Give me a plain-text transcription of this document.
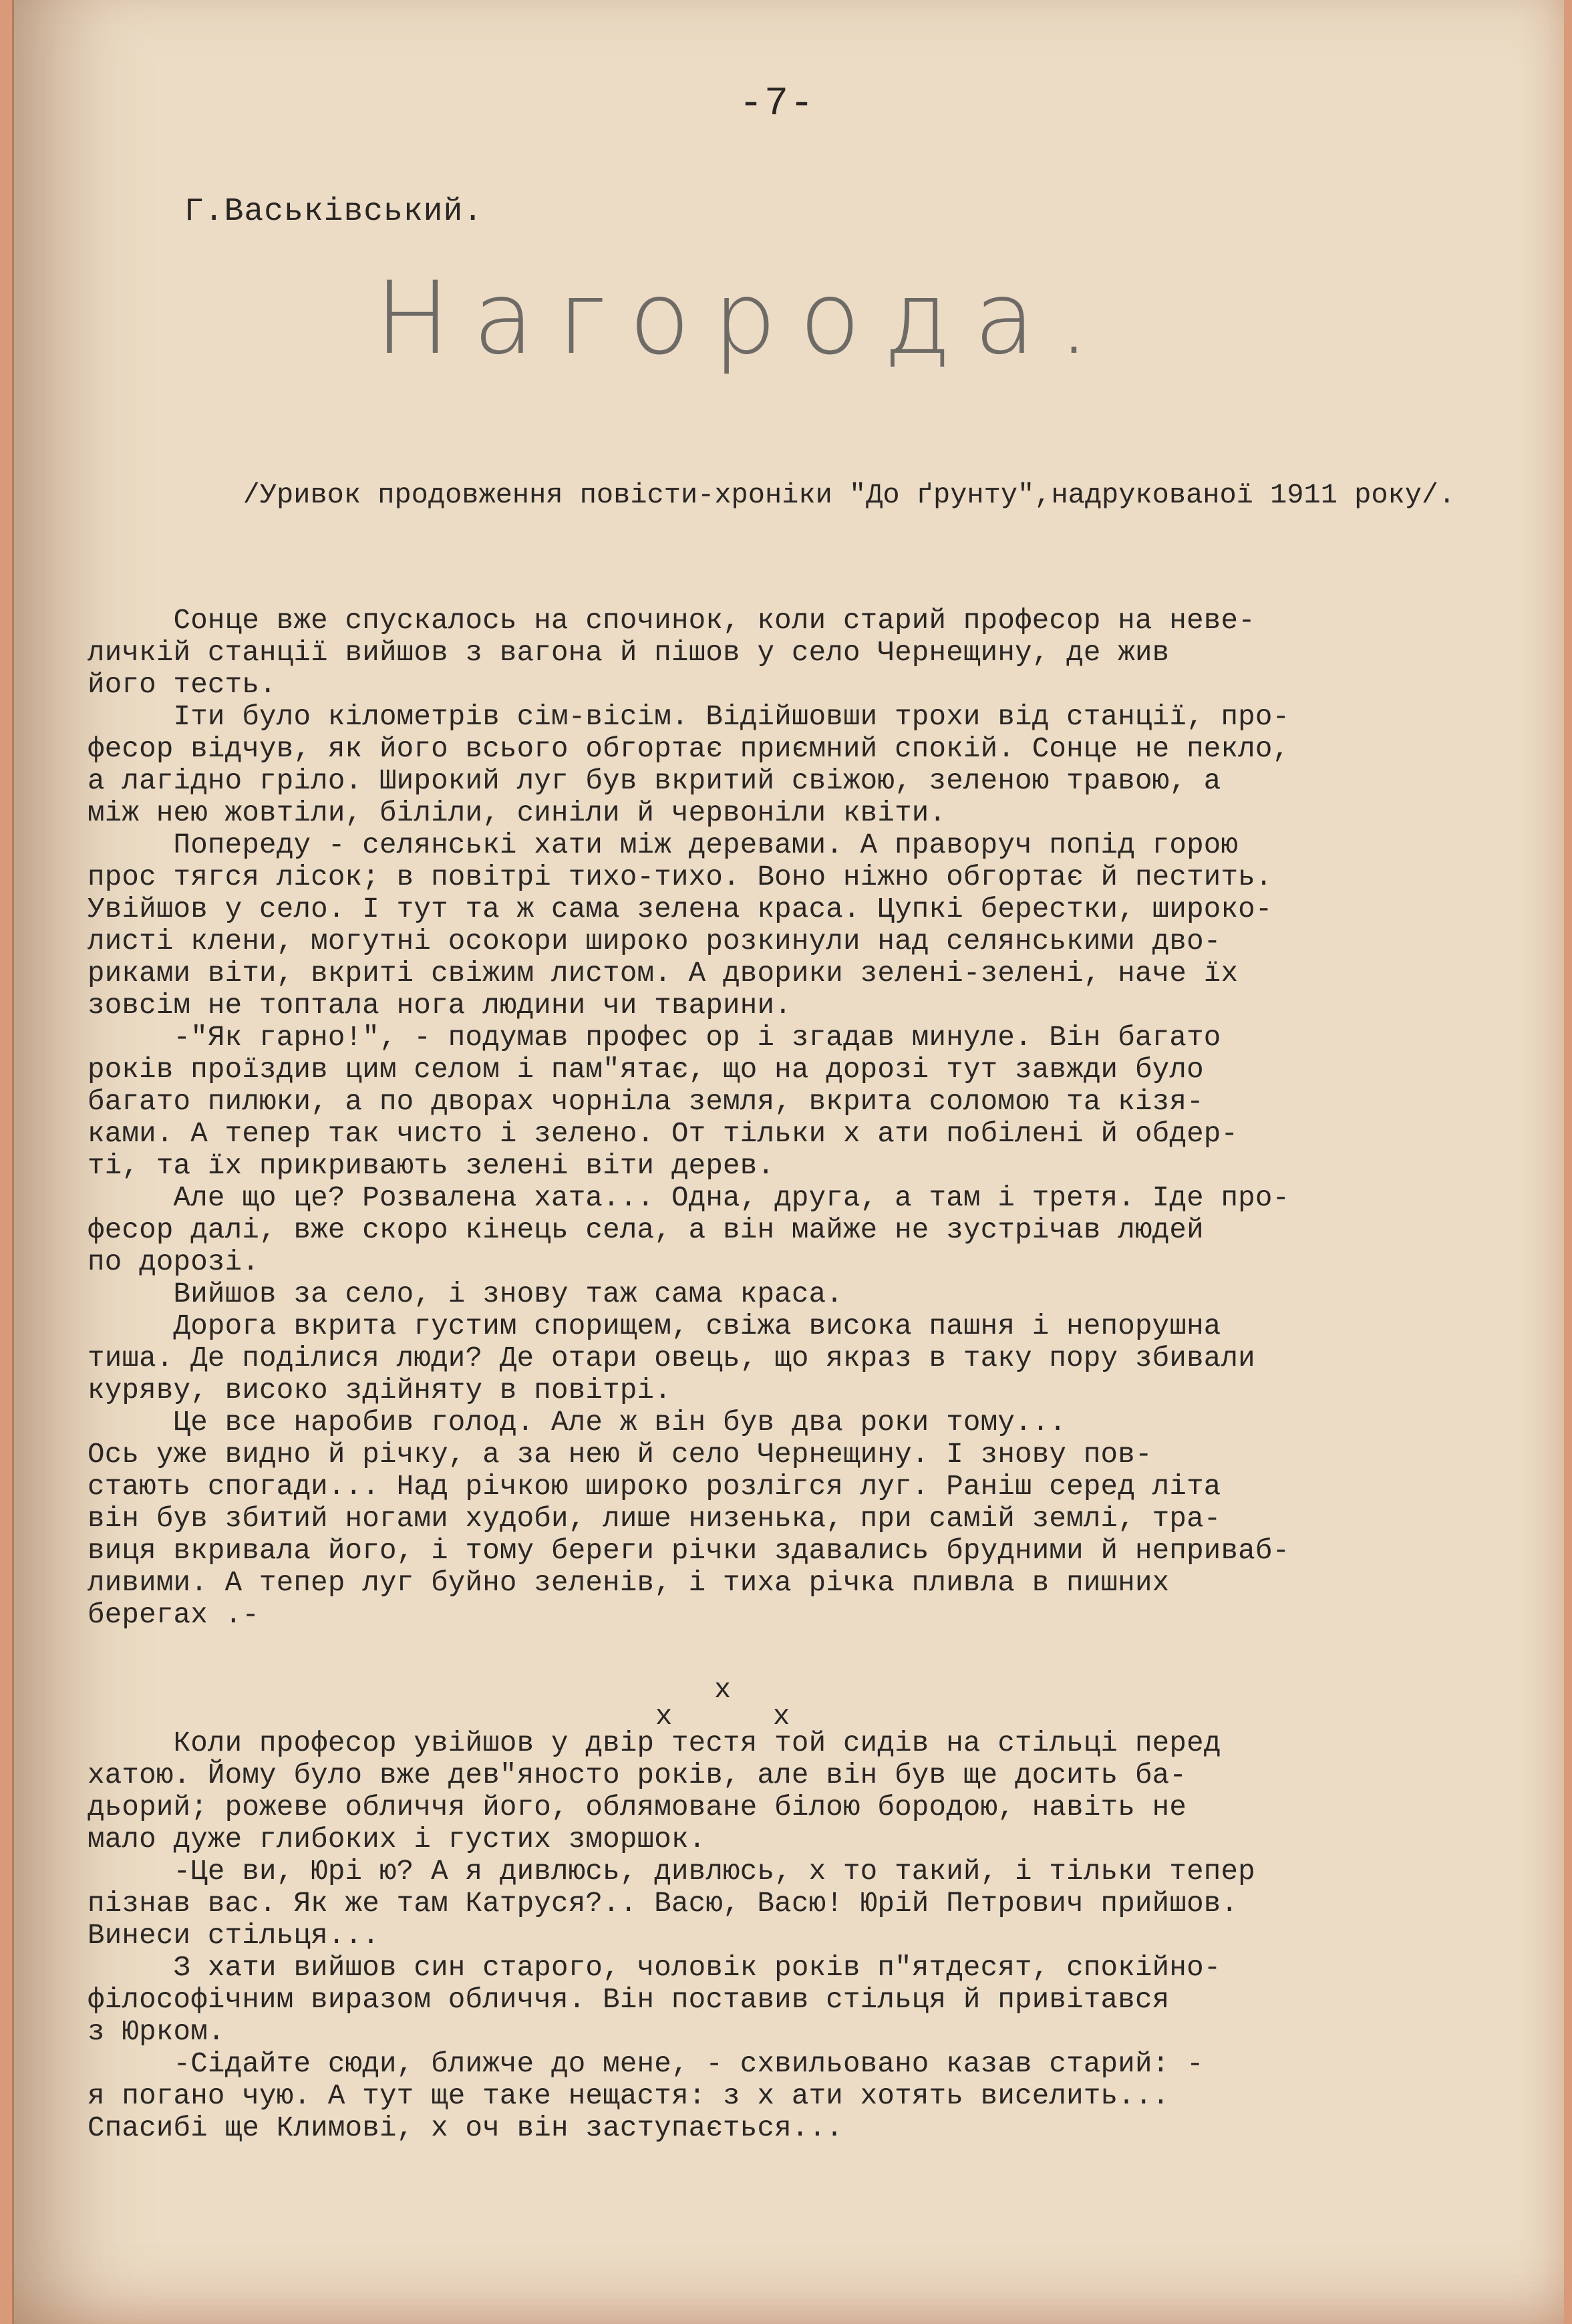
-7-
Г.Васьківський.
Нагорода.
/Уривок продовження повісти-хроніки "До ґрунту",надрукованої 1911 року/.
Сонце вже спускалось на спочинок, коли старий професор на неве-
личкій станції вийшов з вагона й пішов у село Чернещину, де жив
його тесть.
Іти було кілометрів сім-вісім. Відійшовши трохи від станції, про-
фесор відчув, як його всього обгортає приємний спокій. Сонце не пекло,
а лагідно гріло. Широкий луг був вкритий свіжою, зеленою травою, а
між нею жовтіли, біліли, синіли й червоніли квіти.
Попереду - селянські хати між деревами. А праворуч попід горою
прос тягся лісок; в повітрі тихо-тихо. Воно ніжно обгортає й пестить.
Увійшов у село. І тут та ж сама зелена краса. Цупкі берестки, широко-
листі клени, могутні осокори широко розкинули над селянськими дво-
риками віти, вкриті свіжим листом. А дворики зелені-зелені, наче їх
зовсім не топтала нога людини чи тварини.
-"Як гарно!", - подумав профес ор і згадав минуле. Він багато
років проїздив цим селом і пам"ятає, що на дорозі тут завжди було
багато пилюки, а по дворах чорніла земля, вкрита соломою та кізя-
ками. А тепер так чисто і зелено. От тільки х ати побілені й обдер-
ті, та їх прикривають зелені віти дерев.
Але що це? Розвалена хата... Одна, друга, а там і третя. Іде про-
фесор далі, вже скоро кінець села, а він майже не зустрічав людей
по дорозі.
Вийшов за село, і знову таж сама краса.
Дорога вкрита густим спорищем, свіжа висока пашня і непорушна
тиша. Де поділися люди? Де отари овець, що якраз в таку пору збивали
куряву, високо здійняту в повітрі.
Це все наробив голод. Але ж він був два роки тому...
Ось уже видно й річку, а за нею й село Чернещину. І знову пов-
стають спогади... Над річкою широко розлігся луг. Раніш серед літа
він був збитий ногами худоби, лише низенька, при самій землі, тра-
виця вкривала його, і тому береги річки здавались брудними й неприваб-
ливими. А тепер луг буйно зеленів, і тиха річка пливла в пишних
берегах .-
x
x
x
Коли професор увійшов у двір тестя той сидів на стільці перед
хатою. Йому було вже дев"яносто років, але він був ще досить ба-
дьорий; рожеве обличчя його, облямоване білою бородою, навіть не
мало дуже глибоких і густих зморшок.
-Це ви, Юрі ю? А я дивлюсь, дивлюсь, х то такий, і тільки тепер
пізнав вас. Як же там Катруся?.. Васю, Васю! Юрій Петрович прийшов.
Винеси стільця...
З хати вийшов син старого, чоловік років п"ятдесят, спокійно-
філософічним виразом обличчя. Він поставив стільця й привітався
з Юрком.
-Сідайте сюди, ближче до мене, - схвильовано казав старий: -
я погано чую. А тут ще таке нещастя: з х ати хотять виселить...
Спасибі ще Климові, х оч він заступається...
